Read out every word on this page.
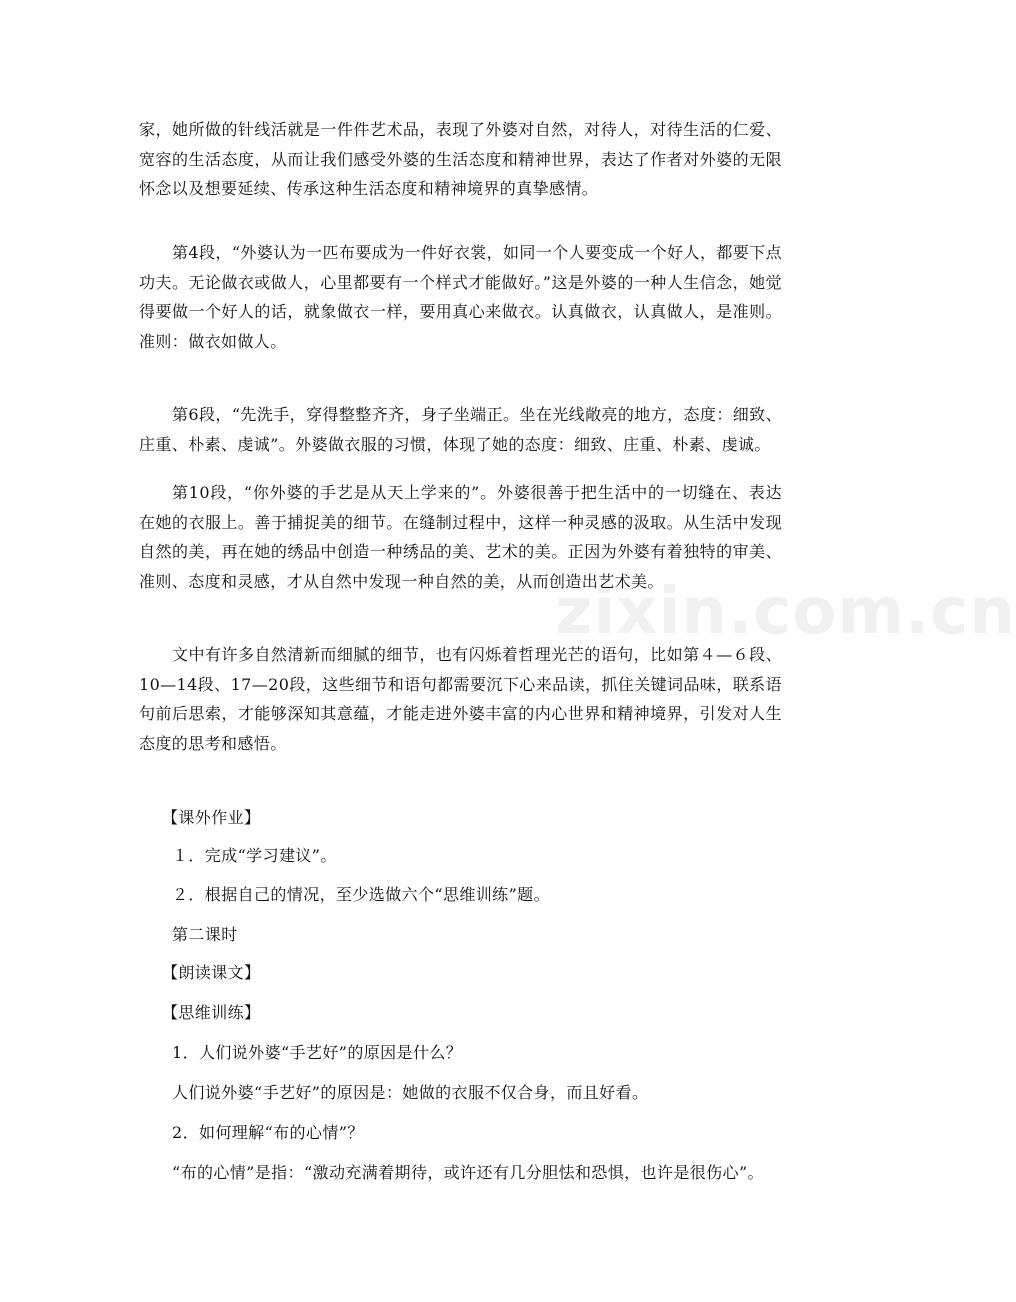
zixin.com.cn

家，她所做的针线活就是一件件艺术品，表现了外婆对自然，对待人，对待生活的仁爱、宽容的生活态度，从而让我们感受外婆的生活态度和精神世界，表达了作者对外婆的无限怀念以及想要延续、传承这种生活态度和精神境界的真挚感情。

第4段，“外婆认为一匹布要成为一件好衣裳，如同一个人要变成一个好人，都要下点功夫。无论做衣或做人，心里都要有一个样式才能做好。”这是外婆的一种人生信念，她觉得要做一个好人的话，就象做衣一样，要用真心来做衣。认真做衣，认真做人，是准则。准则：做衣如做人。

第6段，“先洗手，穿得整整齐齐，身子坐端正。坐在光线敞亮的地方，态度：细致、庄重、朴素、虔诚”。外婆做衣服的习惯，体现了她的态度：细致、庄重、朴素、虔诚。

第10段，“你外婆的手艺是从天上学来的”。外婆很善于把生活中的一切缝在、表达在她的衣服上。善于捕捉美的细节。在缝制过程中，这样一种灵感的汲取。从生活中发现自然的美，再在她的绣品中创造一种绣品的美、艺术的美。正因为外婆有着独特的审美、准则、态度和灵感，才从自然中发现一种自然的美，从而创造出艺术美。

文中有许多自然清新而细腻的细节，也有闪烁着哲理光芒的语句，比如第４—６段、10—14段、17—20段，这些细节和语句都需要沉下心来品读，抓住关键词品味，联系语句前后思索，才能够深知其意蕴，才能走进外婆丰富的内心世界和精神境界，引发对人生态度的思考和感悟。

【课外作业】

１．完成“学习建议”。

２．根据自己的情况，至少选做六个“思维训练”题。

第二课时

【朗读课文】

【思维训练】

1．人们说外婆“手艺好”的原因是什么？

人们说外婆“手艺好”的原因是：她做的衣服不仅合身，而且好看。

2．如何理解“布的心情”？

“布的心情”是指：“激动充满着期待，或许还有几分胆怯和恐惧，也许是很伤心”。
